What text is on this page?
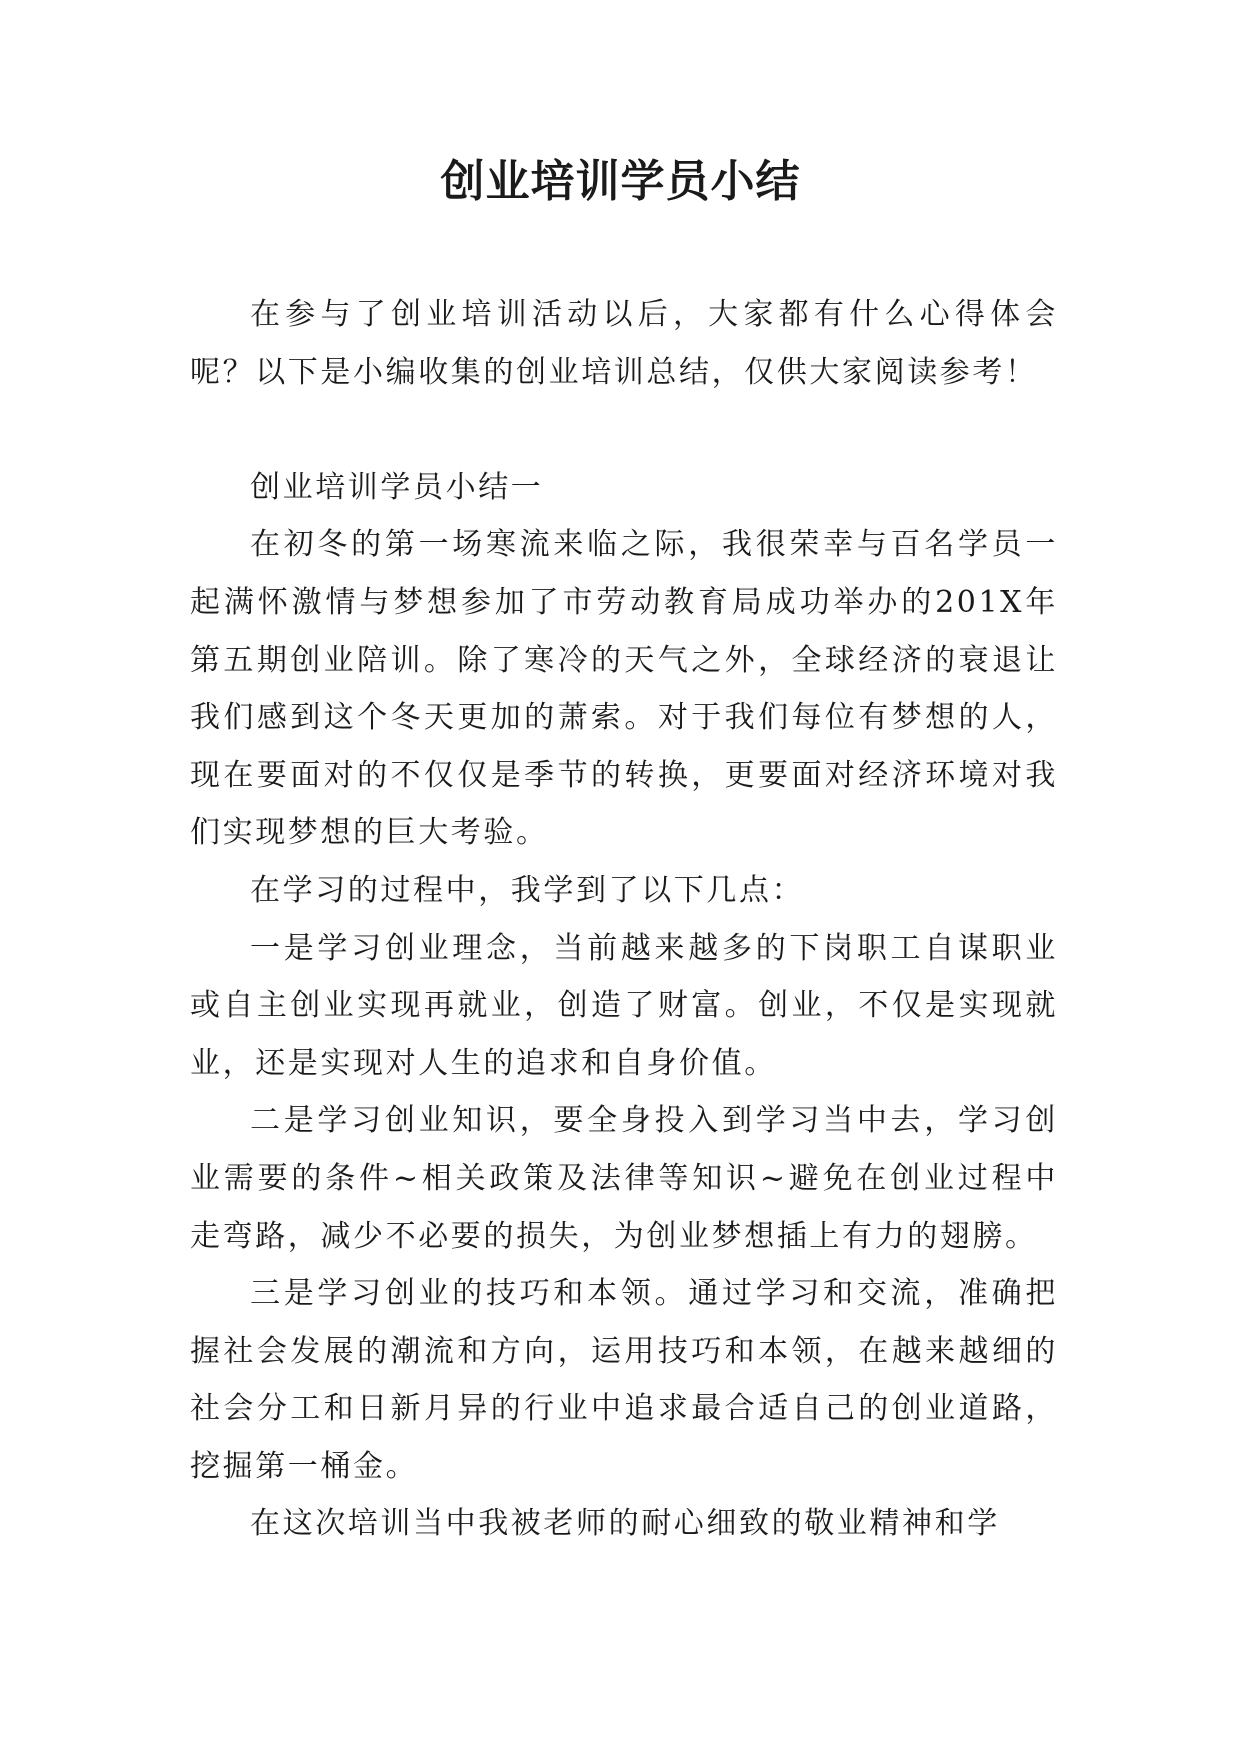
创业培训学员小结

在参与了创业培训活动以后，大家都有什么心得体会呢？以下是小编收集的创业培训总结，仅供大家阅读参考！

创业培训学员小结一

在初冬的第一场寒流来临之际，我很荣幸与百名学员一起满怀激情与梦想参加了市劳动教育局成功举办的201X年第五期创业陪训。除了寒冷的天气之外，全球经济的衰退让我们感到这个冬天更加的萧索。对于我们每位有梦想的人，现在要面对的不仅仅是季节的转换，更要面对经济环境对我们实现梦想的巨大考验。

在学习的过程中，我学到了以下几点：

一是学习创业理念，当前越来越多的下岗职工自谋职业或自主创业实现再就业，创造了财富。创业，不仅是实现就业，还是实现对人生的追求和自身价值。

二是学习创业知识，要全身投入到学习当中去，学习创业需要的条件~相关政策及法律等知识~避免在创业过程中走弯路，减少不必要的损失，为创业梦想插上有力的翅膀。

三是学习创业的技巧和本领。通过学习和交流，准确把握社会发展的潮流和方向，运用技巧和本领，在越来越细的社会分工和日新月异的行业中追求最合适自己的创业道路，挖掘第一桶金。

在这次培训当中我被老师的耐心细致的敬业精神和学
